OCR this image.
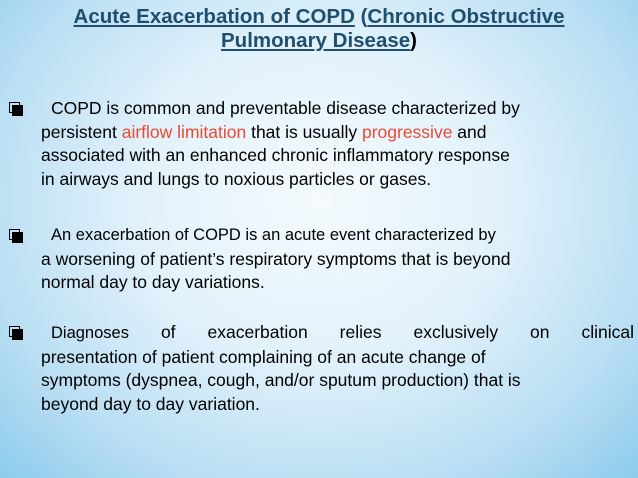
Acute Exacerbation of COPD (Chronic Obstructive
Pulmonary Disease)
COPD is common and preventable disease characterized by
persistent airflow limitation that is usually progressive and
associated with an enhanced chronic inflammatory response
in airways and lungs to noxious particles or gases.
An exacerbation of COPD is an acute event characterized by
a worsening of patient’s respiratory symptoms that is beyond
normal day to day variations.
Diagnoses of exacerbation relies exclusively on clinical
presentation of patient complaining of an acute change of
symptoms (dyspnea, cough, and/or sputum production) that is
beyond day to day variation.
